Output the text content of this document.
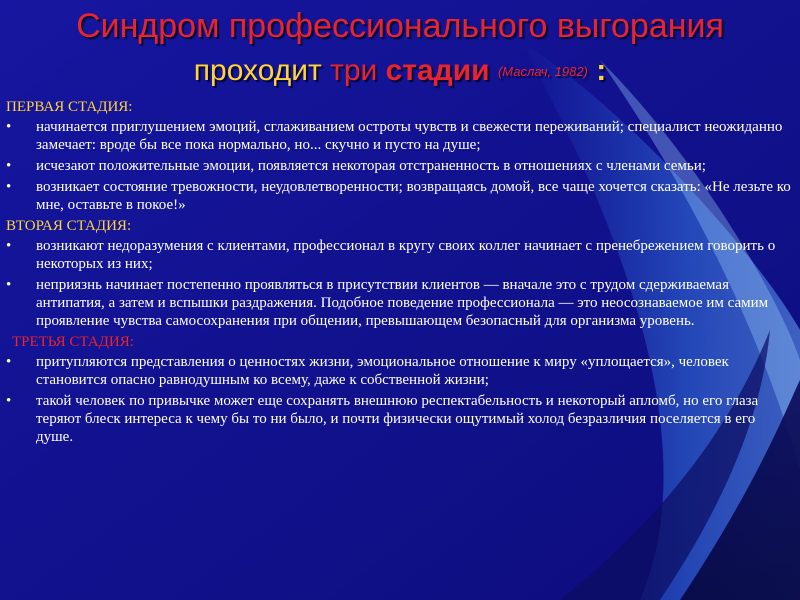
Синдром профессионального выгорания
проходит три стадии (Маслач, 1982) :
ПЕРВАЯ СТАДИЯ:
• начинается приглушением эмоций, сглаживанием остроты чувств и свежести переживаний; специалист неожиданно замечает: вроде бы все пока нормально, но... скучно и пусто на душе;
• исчезают положительные эмоции, появляется некоторая отстраненность в отношениях с членами семьи;
• возникает состояние тревожности, неудовлетворенности; возвращаясь домой, все чаще хочется сказать: «Не лезьте ко мне, оставьте в покое!»
ВТОРАЯ СТАДИЯ:
• возникают недоразумения с клиентами, профессионал в кругу своих коллег начинает с пренебрежением говорить о некоторых из них;
• неприязнь начинает постепенно проявляться в присутствии клиентов — вначале это с трудом сдерживаемая антипатия, а затем и вспышки раздражения. Подобное поведение профессионала — это неосознаваемое им самим проявление чувства самосохранения при общении, превышающем безопасный для организма уровень.
ТРЕТЬЯ СТАДИЯ:
• притупляются представления о ценностях жизни, эмоциональное отношение к миру «уплощается», человек становится опасно равнодушным ко всему, даже к собственной жизни;
• такой человек по привычке может еще сохранять внешнюю респектабельность и некоторый апломб, но его глаза теряют блеск интереса к чему бы то ни было, и почти физически ощутимый холод безразличия поселяется в его душе.
